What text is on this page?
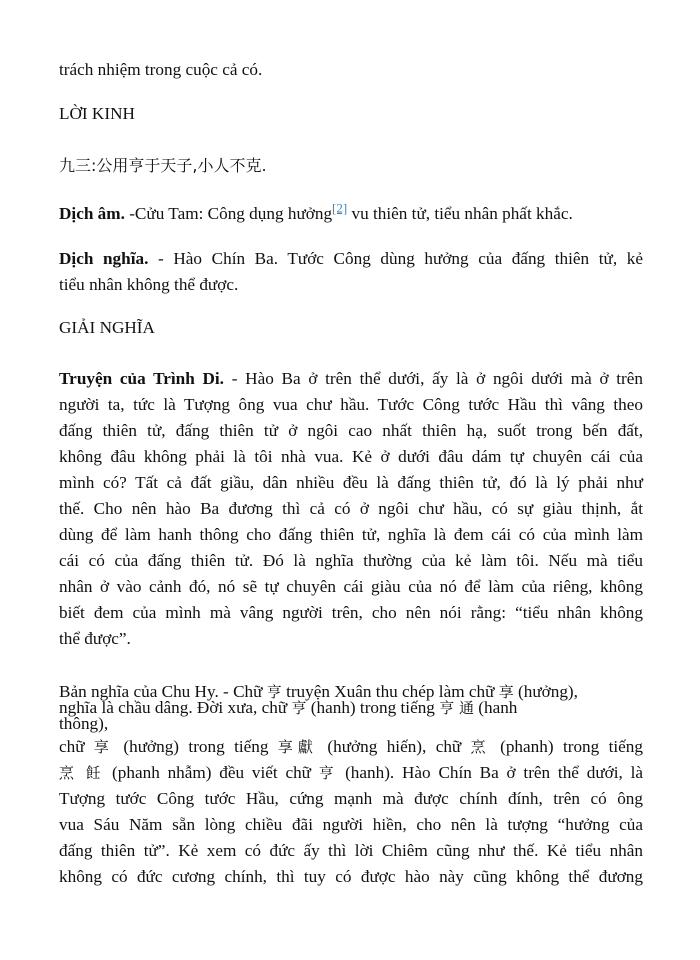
trách nhiệm trong cuộc cả có.
LỜI KINH
九三:公用亨于天子,小人不克.
Dịch âm. -Cửu Tam: Công dụng hưởng[2] vu thiên tử, tiểu nhân phất khắc.
Dịch nghĩa. - Hào Chín Ba. Tước Công dùng hưởng của đấng thiên tử, kẻ
tiểu nhân không thể được.
GIẢI NGHĨA
Truyện của Trình Di. - Hào Ba ở trên thể dưới, ấy là ở ngôi dưới mà ở trên
người ta, tức là Tượng ông vua chư hầu. Tước Công tước Hầu thì vâng theo
đấng thiên tử, đấng thiên tử ở ngôi cao nhất thiên hạ, suốt trong bến đất,
không đâu không phải là tôi nhà vua. Kẻ ở dưới đâu dám tự chuyên cái của
mình có? Tất cả đất giầu, dân nhiều đều là đấng thiên tử, đó là lý phải như
thế. Cho nên hào Ba đương thì cả có ở ngôi chư hầu, có sự giàu thịnh, ắt
dùng để làm hanh thông cho đấng thiên tử, nghĩa là đem cái có của mình làm
cái có của đấng thiên tử. Đó là nghĩa thường của kẻ làm tôi. Nếu mà tiểu
nhân ở vào cảnh đó, nó sẽ tự chuyên cái giàu của nó để làm của riêng, không
biết đem của mình mà vâng người trên, cho nên nói rằng: “tiểu nhân không
thể được”.
Bản nghĩa của Chu Hy. - Chữ 亨 truyện Xuân thu chép làm chữ 享 (hưởng),
nghĩa là chầu dâng. Đời xưa, chữ 亨 (hanh) trong tiếng 亨 通 (hanh
thông),
chữ 享 (hưởng) trong tiếng 享獻 (hưởng hiến), chữ 烹 (phanh) trong tiếng
烹 飪 (phanh nhẫm) đều viết chữ 亨 (hanh). Hào Chín Ba ở trên thể dưới, là
Tượng tước Công tước Hầu, cứng mạnh mà được chính đính, trên có ông
vua Sáu Năm sẵn lòng chiều đãi người hiền, cho nên là tượng “hưởng của
đấng thiên tử”. Kẻ xem có đức ấy thì lời Chiêm cũng như thế. Kẻ tiểu nhân
không có đức cương chính, thì tuy có được hào này cũng không thể đương
